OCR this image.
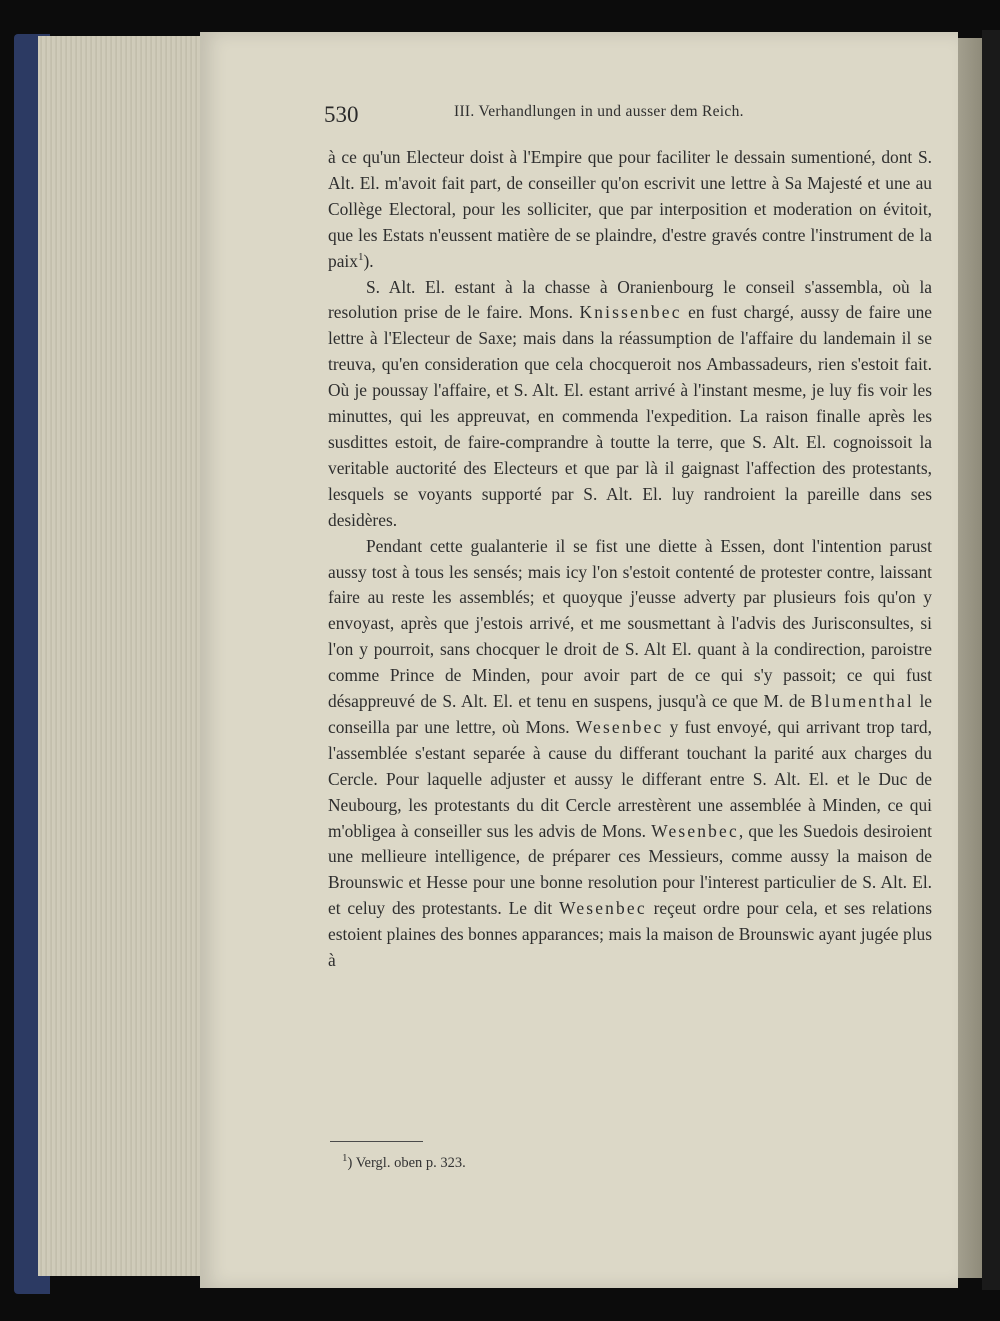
530	III. Verhandlungen in und ausser dem Reich.

à ce qu'un Electeur doist à l'Empire que pour faciliter le dessain sumentioné, dont S. Alt. El. m'avoit fait part, de conseiller qu'on escrivit une lettre à Sa Majesté et une au Collège Electoral, pour les solliciter, que par interposition et moderation on évitoit, que les Estats n'eussent matière de se plaindre, d'estre gravés contre l'instrument de la paix$^1$).

S. Alt. El. estant à la chasse à Oranienbourg le conseil s'assembla, où la resolution prise de le faire. Mons. Knissenbec en fust chargé, aussy de faire une lettre à l'Electeur de Saxe; mais dans la réassumption de l'affaire du landemain il se treuva, qu'en consideration que cela chocqueroit nos Ambassadeurs, rien s'estoit fait. Où je poussay l'affaire, et S. Alt. El. estant arrivé à l'instant mesme, je luy fis voir les minuttes, qui les appreuvat, en commenda l'expedition. La raison finalle après les susdittes estoit, de faire-comprandre à toutte la terre, que S. Alt. El. cognoissoit la veritable auctorité des Electeurs et que par là il gaignast l'affection des protestants, lesquels se voyants supporté par S. Alt. El. luy randroient la pareille dans ses desidères.

Pendant cette gualanterie il se fist une diette à Essen, dont l'intention parust aussy tost à tous les sensés; mais icy l'on s'estoit contenté de protester contre, laissant faire au reste les assemblés; et quoyque j'eusse adverty par plusieurs fois qu'on y envoyast, après que j'estois arrivé, et me sousmettant à l'advis des Jurisconsultes, si l'on y pourroit, sans chocquer le droit de S. Alt El. quant à la condirection, paroistre comme Prince de Minden, pour avoir part de ce qui s'y passoit; ce qui fust désappreuvé de S. Alt. El. et tenu en suspens, jusqu'à ce que M. de Blumenthal le conseilla par une lettre, où Mons. Wesenbec y fust envoyé, qui arrivant trop tard, l'assemblée s'estant separée à cause du differant touchant la parité aux charges du Cercle. Pour laquelle adjuster et aussy le differant entre S. Alt. El. et le Duc de Neubourg, les protestants du dit Cercle arrestèrent une assemblée à Minden, ce qui m'obligea à conseiller sus les advis de Mons. Wesenbec, que les Suedois desiroient une mellieure intelligence, de préparer ces Messieurs, comme aussy la maison de Brounswic et Hesse pour une bonne resolution pour l'interest particulier de S. Alt. El. et celuy des protestants. Le dit Wesenbec reçeut ordre pour cela, et ses relations estoient plaines des bonnes apparances; mais la maison de Brounswic ayant jugée plus à

$^1$) Vergl. oben p. 323.
